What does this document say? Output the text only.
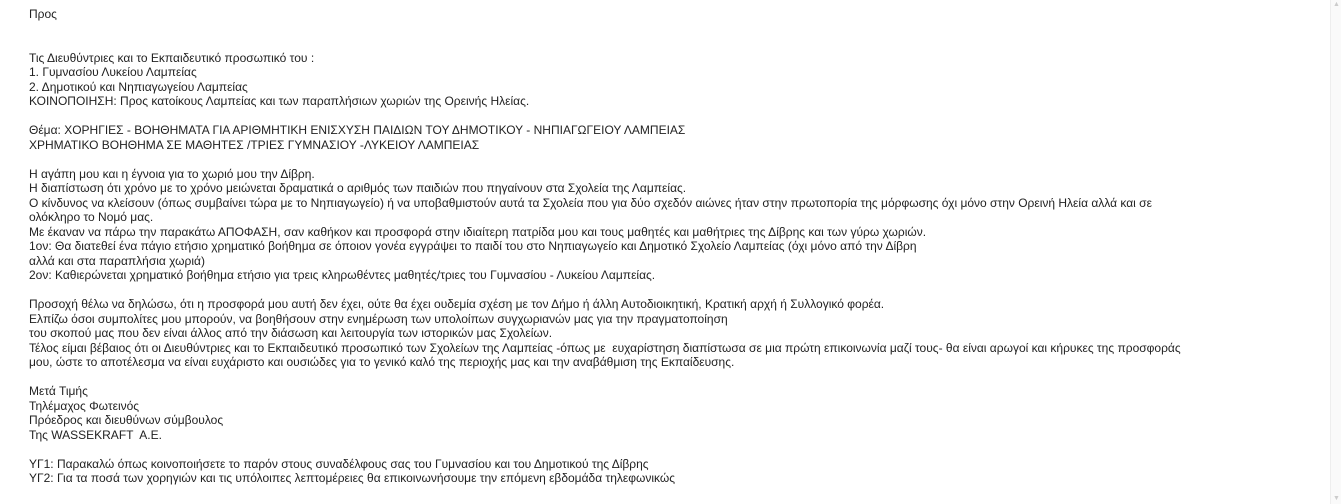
Προς
Τις Διευθύντριες και το Εκπαιδευτικό προσωπικό του :
1. Γυμνασίου Λυκείου Λαμπείας
2. Δημοτικού και Νηπιαγωγείου Λαμπείας
ΚΟΙΝΟΠΟΙΗΣΗ: Προς κατοίκους Λαμπείας και των παραπλήσιων χωριών της Ορεινής Ηλείας.
Θέμα: ΧΟΡΗΓΙΕΣ - ΒΟΗΘΗΜΑΤΑ ΓΙΑ ΑΡΙΘΜΗΤΙΚΗ ΕΝΙΣΧΥΣΗ ΠΑΙΔΙΩΝ ΤΟΥ ΔΗΜΟΤΙΚΟΥ - ΝΗΠΙΑΓΩΓΕΙΟΥ ΛΑΜΠΕΙΑΣ
ΧΡΗΜΑΤΙΚΟ ΒΟΗΘΗΜΑ ΣΕ ΜΑΘΗΤΕΣ /ΤΡΙΕΣ ΓΥΜΝΑΣΙΟΥ -ΛΥΚΕΙΟΥ ΛΑΜΠΕΙΑΣ
Η αγάπη μου και η έγνοια για το χωριό μου την Δίβρη.
Η διαπίστωση ότι χρόνο με το χρόνο μειώνεται δραματικά ο αριθμός των παιδιών που πηγαίνουν στα Σχολεία της Λαμπείας.
Ο κίνδυνος να κλείσουν (όπως συμβαίνει τώρα με το Νηπιαγωγείο) ή να υποβαθμιστούν αυτά τα Σχολεία που για δύο σχεδόν αιώνες ήταν στην πρωτοπορία της μόρφωσης όχι μόνο στην Ορεινή Ηλεία αλλά και σε
ολόκληρο το Νομό μας.
Με έκαναν να πάρω την παρακάτω ΑΠΟΦΑΣΗ, σαν καθήκον και προσφορά στην ιδιαίτερη πατρίδα μου και τους μαθητές και μαθήτριες της Δίβρης και των γύρω χωριών.
1ον: Θα διατεθεί ένα πάγιο ετήσιο χρηματικό βοήθημα σε όποιον γονέα εγγράψει το παιδί του στο Νηπιαγωγείο και Δημοτικό Σχολείο Λαμπείας (όχι μόνο από την Δίβρη
αλλά και στα παραπλήσια χωριά)
2ον: Καθιερώνεται χρηματικό βοήθημα ετήσιο για τρεις κληρωθέντες μαθητές/τριες του Γυμνασίου - Λυκείου Λαμπείας.
Προσοχή θέλω να δηλώσω, ότι η προσφορά μου αυτή δεν έχει, ούτε θα έχει ουδεμία σχέση με τον Δήμο ή άλλη Αυτοδιοικητική, Κρατική αρχή ή Συλλογικό φορέα.
Ελπίζω όσοι συμπολίτες μου μπορούν, να βοηθήσουν στην ενημέρωση των υπολοίπων συγχωριανών μας για την πραγματοποίηση
του σκοπού μας που δεν είναι άλλος από την διάσωση και λειτουργία των ιστορικών μας Σχολείων.
Τέλος είμαι βέβαιος ότι οι Διευθύντριες και το Εκπαιδευτικό προσωπικό των Σχολείων της Λαμπείας -όπως με  ευχαρίστηση διαπίστωσα σε μια πρώτη επικοινωνία μαζί τους- θα είναι αρωγοί και κήρυκες της προσφοράς
μου, ώστε το αποτέλεσμα να είναι ευχάριστο και ουσιώδες για το γενικό καλό της περιοχής μας και την αναβάθμιση της Εκπαίδευσης.
Μετά Τιμής
Τηλέμαχος Φωτεινός
Πρόεδρος και διευθύνων σύμβουλος
Της WASSEKRAFT  A.E.
ΥΓ1: Παρακαλώ όπως κοινοποιήσετε το παρόν στους συναδέλφους σας του Γυμνασίου και του Δημοτικού της Δίβρης
ΥΓ2: Για τα ποσά των χορηγιών και τις υπόλοιπες λεπτομέρειες θα επικοινωνήσουμε την επόμενη εβδομάδα τηλεφωνικώς
▲
▼
